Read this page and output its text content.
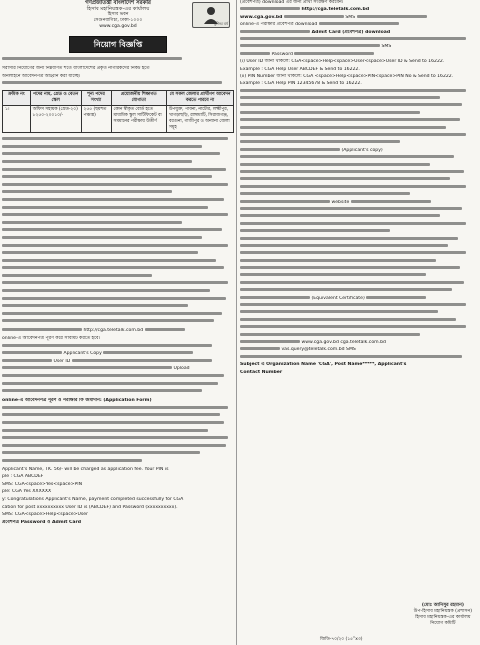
গণপ্রজাতন্ত্রী বাংলাদেশ সরকার
হিসাব মহানিয়ন্ত্রক-এর কার্যালয়
হিসাব ভবন
সেগুনবাগিচা, ঢাকা-১০০০
www.cga.gov.bd
মুজিব বর্ষ
নিয়োগ বিজ্ঞপ্তি
সরাসরি নিয়োগের জন্য নিম্নবর্ণিত শর্তে বাংলাদেশের প্রকৃত নাগরিকদের নিকট হতে
অনলাইনে আবেদনপত্র আহ্বান করা যাচ্ছে।
ক্রমিক নং	পদের নাম, গ্রেড ও বেতন স্কেল	শূন্য পদের সংখ্যা	প্রয়োজনীয় শিক্ষাগত যোগ্যতা	যে সকল জেলার প্রার্থীগণ আবেদন করতে পারবে না
১।	অফিস সহায়ক (গ্রেড-২০) ৮২৫০-২০০১০/-	২৫৫ (ছয়শত পঞ্চান্ন)	কোন স্বীকৃত বোর্ড হতে মাধ্যমিক স্কুল সার্টিফিকেট বা সমমানের পরীক্ষায় উত্তীর্ণ	উপযুক্ত, পাবনা, নাটোর, লক্ষ্মীপুর, খাগড়াছড়ি, রাঙ্গামাটি, সিরাজগঞ্জ, বরগুনা, গাজীপুর ও অন্যান্য জেলা সমূহ
http://cga.teletalk.com.bd
online-এ আবেদনপত্র পূরণ করে সাবমিট করতে হবে।
Applicant's Copy
User ID
Upload
online-এ আবেদনপত্র পূরণ ও পরীক্ষার ফি জমাদান: (Application Form)
Applicant's Name, TK. 56/- will be charged as application fee. Your PIN is
ple : CGA ABCDEF
SMS: CGA<space>Yes<space>PIN
ple: CGA Yes XXXXXX
y: Congratulations Applicant's Name, payment completed successfully for CGA
cation for post xxxxxxxxxx User ID is (ABCDEF) and Password (xxxxxxxxxx).
SMS: CGA<space>Help<space>User
প্রবেশপত্র Password ও Admit Card
(প্রবেশপত্র) download এর জন্য প্রার্থী সংরক্ষণ করবেন।
http://cga.teletalk.com.bd
www.cga.gov.bd	SMS
online-এ পরীক্ষার প্রবেশপত্র download
Admit Card (প্রবেশপত্র) download
SMS
Password
(i) User ID জানা থাকলে: CGA<space>Help<space>User<space>User ID & Send to 16222.
Example : CGA Help User ABCDEF & Send to 16222.
(ii) PIN Number জানা থাকলে: CGA <space>Help<space>PIN<space>PIN No & Send to 16222.
Example : CGA Help PIN 12345678 & Send to 16222.
(Applicant's copy)
website
(Equivalent Certificate)
www.cga.gov.bd cga.teletalk.com.bd
vas.query@teletalk.com.bd SMS
Subject এ Organization Name 'CGA', Post Name*****, Applicant's
Contact Number
(মোঃ আনিসুর রহমান)
উপ-হিসাব মহানিয়ন্ত্রক (প্রশাসন)
হিসাব মহানিয়ন্ত্রক-এর কার্যালয়
নিয়োগ কমিটি
জিডি-৭০/২০ (১৫”x৩)
